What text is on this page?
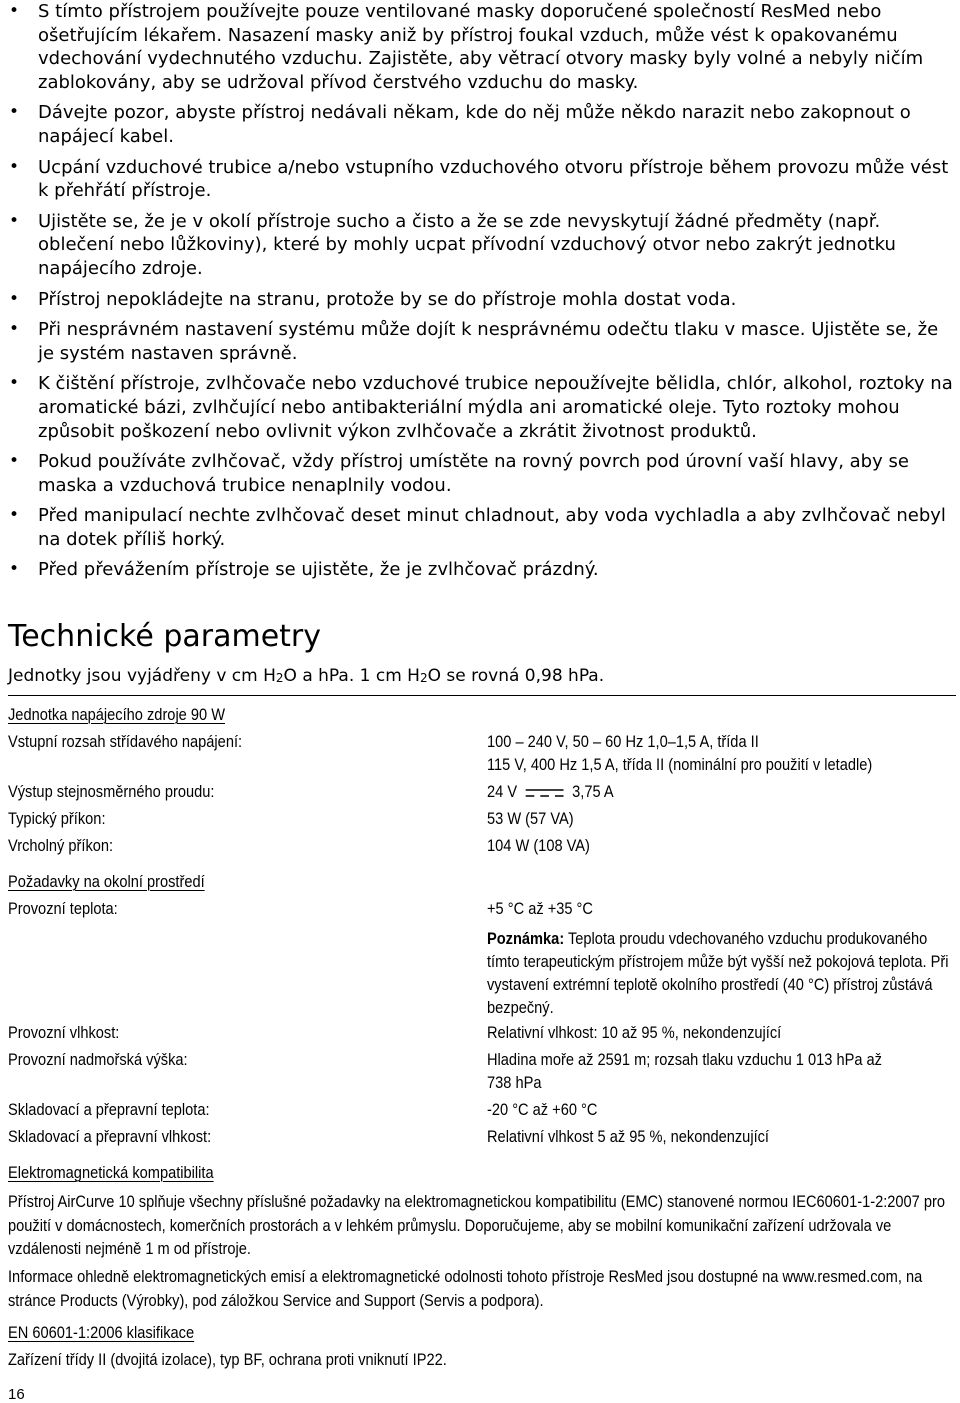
• S tímto přístrojem používejte pouze ventilované masky doporučené společností ResMed nebo ošetřujícím lékařem. Nasazení masky aniž by přístroj foukal vzduch, může vést k opakovanému vdechování vydechnutého vzduchu. Zajistěte, aby větrací otvory masky byly volné a nebyly ničím zablokovány, aby se udržoval přívod čerstvého vzduchu do masky.
• Dávejte pozor, abyste přístroj nedávali někam, kde do něj může někdo narazit nebo zakopnout o napájecí kabel.
• Ucpání vzduchové trubice a/nebo vstupního vzduchového otvoru přístroje během provozu může vést k přehřátí přístroje.
• Ujistěte se, že je v okolí přístroje sucho a čisto a že se zde nevyskytují žádné předměty (např. oblečení nebo lůžkoviny), které by mohly ucpat přívodní vzduchový otvor nebo zakrýt jednotku napájecího zdroje.
• Přístroj nepokládejte na stranu, protože by se do přístroje mohla dostat voda.
• Při nesprávném nastavení systému může dojít k nesprávnému odečtu tlaku v masce. Ujistěte se, že je systém nastaven správně.
• K čištění přístroje, zvlhčovače nebo vzduchové trubice nepoužívejte bělidla, chlór, alkohol, roztoky na aromatické bázi, zvlhčující nebo antibakteriální mýdla ani aromatické oleje. Tyto roztoky mohou způsobit poškození nebo ovlivnit výkon zvlhčovače a zkrátit životnost produktů.
• Pokud používáte zvlhčovač, vždy přístroj umístěte na rovný povrch pod úrovní vaší hlavy, aby se maska a vzduchová trubice nenaplnily vodou.
• Před manipulací nechte zvlhčovač deset minut chladnout, aby voda vychladla a aby zvlhčovač nebyl na dotek příliš horký.
• Před převážením přístroje se ujistěte, že je zvlhčovač prázdný.
Technické parametry

Jednotky jsou vyjádřeny v cm $H_2O$ a hPa. 1 cm $H_2O$ se rovná 0,98 hPa.

Jednotka napájecího zdroje 90 W

Vstupní rozsah střídavého napájení:	100 – 240 V, 50 – 60 Hz 1,0–1,5 A, třída II

115 V, 400 Hz 1,5 A, třída II (nominální pro použití v letadle)

Výstup stejnosměrného proudu:	24 V	3,75 A

Typický příkon:	53 W (57 VA)

Vrcholný příkon:	104 W (108 VA)

Požadavky na okolní prostředí

Provozní teplota:	+5 °C až +35 °C

Poznámka: Teplota proudu vdechovaného vzduchu produkovaného tímto terapeutickým přístrojem může být vyšší než pokojová teplota. Při vystavení extrémní teplotě okolního prostředí (40 °C) přístroj zůstává bezpečný.

Provozní vlhkost:	Relativní vlhkost: 10 až 95 %, nekondenzující

Provozní nadmořská výška:	Hladina moře až 2591 m; rozsah tlaku vzduchu 1 013 hPa až

738 hPa

Skladovací a přepravní teplota:	-20 °C až +60 °C

Skladovací a přepravní vlhkost:	Relativní vlhkost 5 až 95 %, nekondenzující

Elektromagnetická kompatibilita

Přístroj AirCurve 10 splňuje všechny příslušné požadavky na elektromagnetickou kompatibilitu (EMC) stanovené normou IEC60601-1-2:2007 pro použití v domácnostech, komerčních prostorách a v lehkém průmyslu. Doporučujeme, aby se mobilní komunikační zařízení udržovala ve vzdálenosti nejméně 1 m od přístroje.

Informace ohledně elektromagnetických emisí a elektromagnetické odolnosti tohoto přístroje ResMed jsou dostupné na www.resmed.com, na stránce Products (Výrobky), pod záložkou Service and Support (Servis a podpora).

EN 60601-1:2006 klasifikace

Zařízení třídy II (dvojitá izolace), typ BF, ochrana proti vniknutí IP22.

16
